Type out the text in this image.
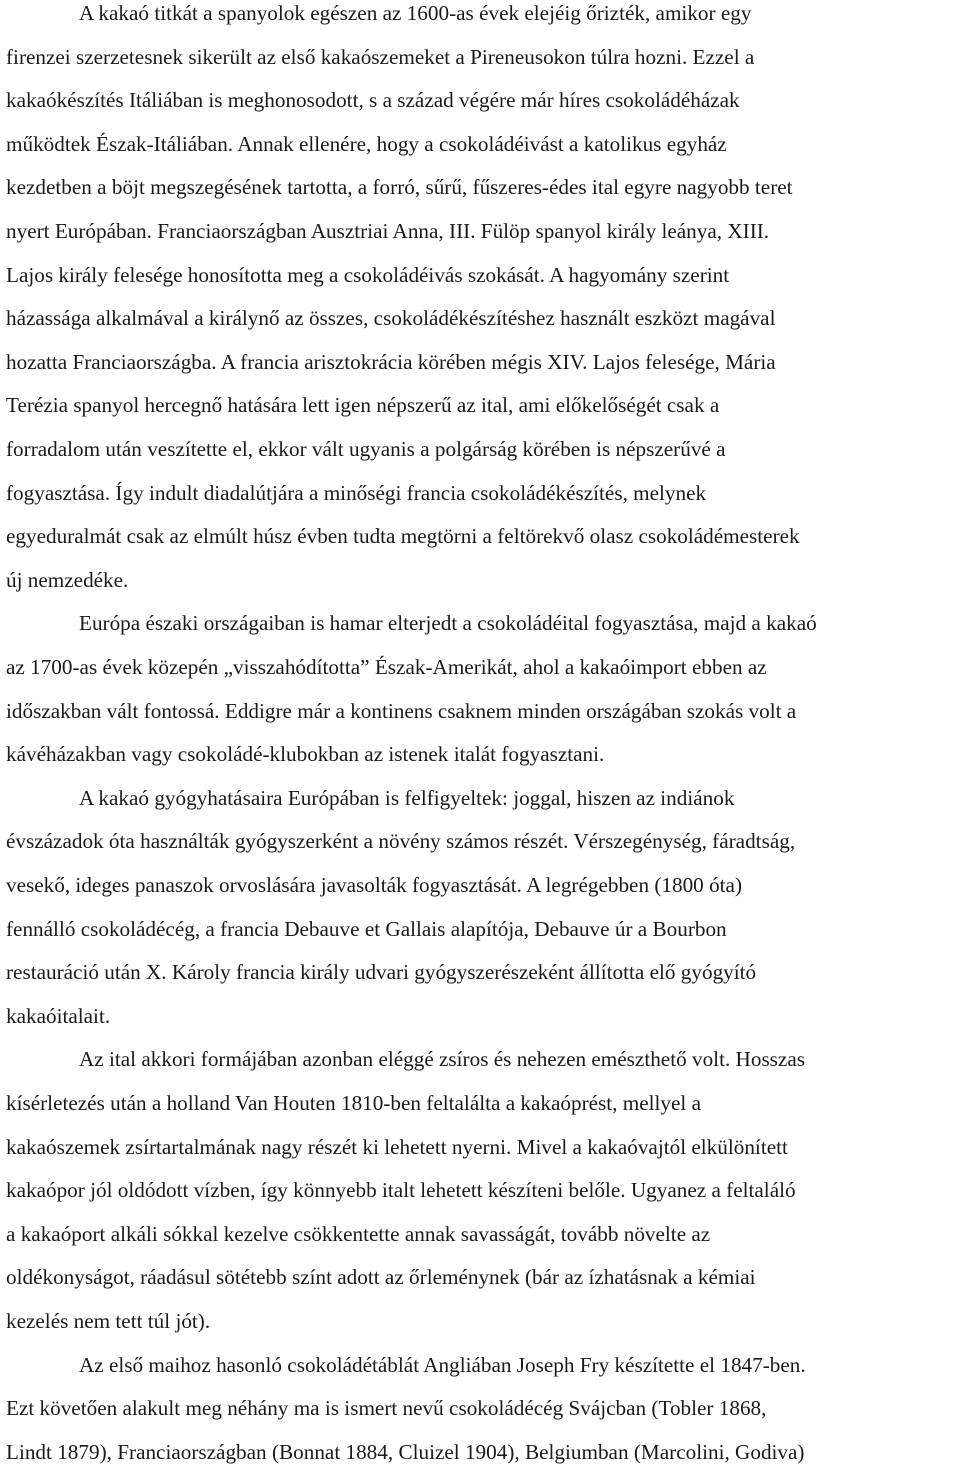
A kakaó titkát a spanyolok egészen az 1600-as évek elejéig őrizték, amikor egy
firenzei szerzetesnek sikerült az első kakaószemeket a Pireneusokon túlra hozni. Ezzel a
kakaókészítés Itáliában is meghonosodott, s a század végére már híres csokoládéházak
működtek Észak-Itáliában. Annak ellenére, hogy a csokoládéivást a katolikus egyház
kezdetben a böjt megszegésének tartotta, a forró, sűrű, fűszeres-édes ital egyre nagyobb teret
nyert Európában. Franciaországban Ausztriai Anna, III. Fülöp spanyol király leánya, XIII.
Lajos király felesége honosította meg a csokoládéivás szokását. A hagyomány szerint
házassága alkalmával a királynő az összes, csokoládékészítéshez használt eszközt magával
hozatta Franciaországba. A francia arisztokrácia körében mégis XIV. Lajos felesége, Mária
Terézia spanyol hercegnő hatására lett igen népszerű az ital, ami előkelőségét csak a
forradalom után veszítette el, ekkor vált ugyanis a polgárság körében is népszerűvé a
fogyasztása. Így indult diadalútjára a minőségi francia csokoládékészítés, melynek
egyeduralmát csak az elmúlt húsz évben tudta megtörni a feltörekvő olasz csokoládémesterek
új nemzedéke.
Európa északi országaiban is hamar elterjedt a csokoládéital fogyasztása, majd a kakaó
az 1700-as évek közepén „visszahódította” Észak-Amerikát, ahol a kakaóimport ebben az
időszakban vált fontossá. Eddigre már a kontinens csaknem minden országában szokás volt a
kávéházakban vagy csokoládé-klubokban az istenek italát fogyasztani.
A kakaó gyógyhatásaira Európában is felfigyeltek: joggal, hiszen az indiánok
évszázadok óta használták gyógyszerként a növény számos részét. Vérszegénység, fáradtság,
vesekő, ideges panaszok orvoslására javasolták fogyasztását. A legrégebben (1800 óta)
fennálló csokoládécég, a francia Debauve et Gallais alapítója, Debauve úr a Bourbon
restauráció után X. Károly francia király udvari gyógyszerészeként állította elő gyógyító
kakaóitalait.
Az ital akkori formájában azonban eléggé zsíros és nehezen emészthető volt. Hosszas
kísérletezés után a holland Van Houten 1810-ben feltalálta a kakaóprést, mellyel a
kakaószemek zsírtartalmának nagy részét ki lehetett nyerni. Mivel a kakaóvajtól elkülönített
kakaópor jól oldódott vízben, így könnyebb italt lehetett készíteni belőle. Ugyanez a feltaláló
a kakaóport alkáli sókkal kezelve csökkentette annak savasságát, tovább növelte az
oldékonyságot, ráadásul sötétebb színt adott az őrleménynek (bár az ízhatásnak a kémiai
kezelés nem tett túl jót).
Az első maihoz hasonló csokoládétáblát Angliában Joseph Fry készítette el 1847-ben.
Ezt követően alakult meg néhány ma is ismert nevű csokoládécég Svájcban (Tobler 1868,
Lindt 1879), Franciaországban (Bonnat 1884, Cluizel 1904), Belgiumban (Marcolini, Godiva)
